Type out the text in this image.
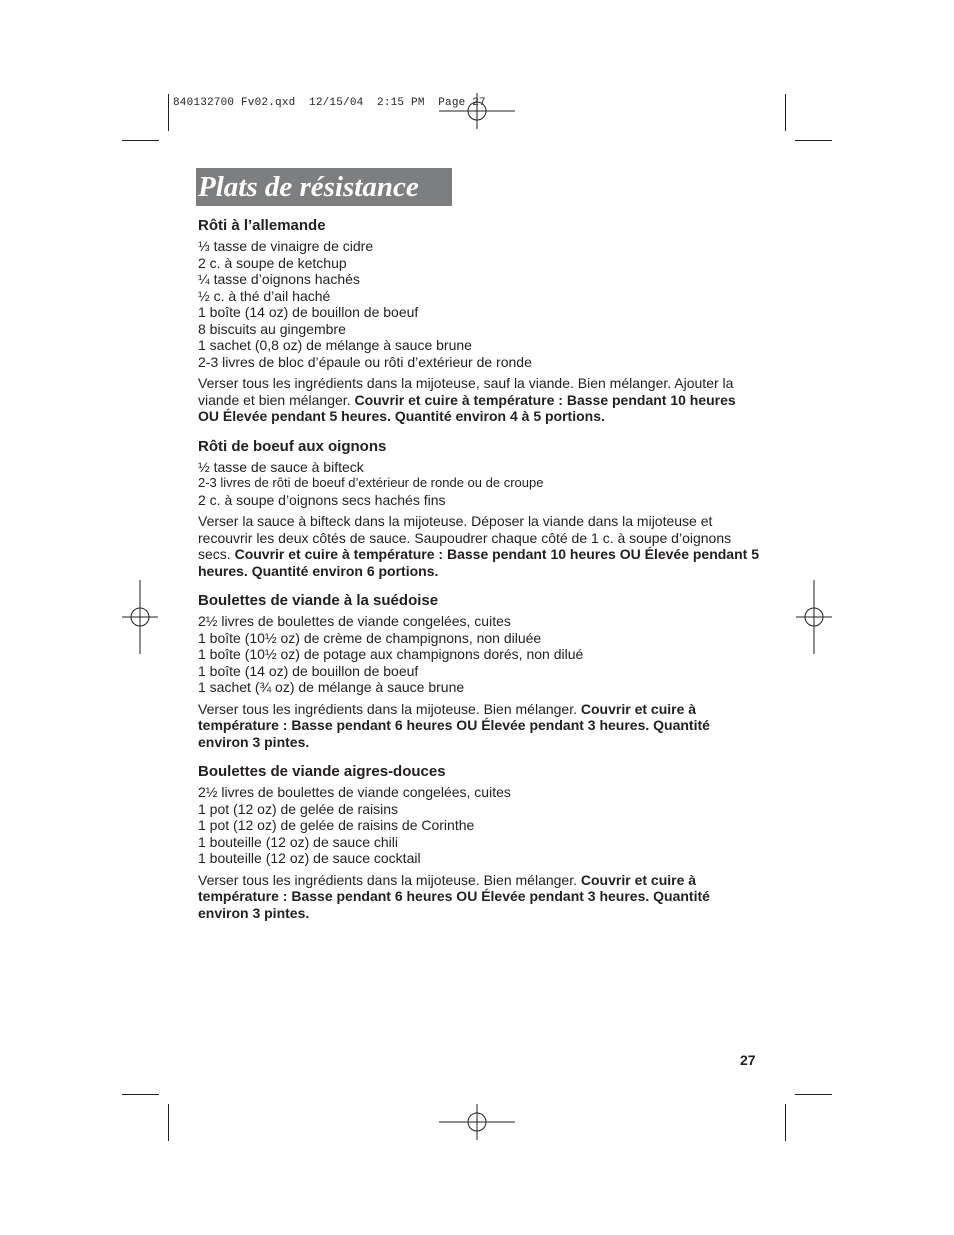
840132700 Fv02.qxd  12/15/04  2:15 PM  Page 27
Plats de résistance
Rôti à l’allemande
⅓ tasse de vinaigre de cidre
2 c. à soupe de ketchup
¼ tasse d’oignons hachés
½ c. à thé d’ail haché
1 boîte (14 oz) de bouillon de boeuf
8 biscuits au gingembre
1 sachet (0,8 oz) de mélange à sauce brune
2-3 livres de bloc d’épaule ou rôti d’extérieur de ronde
Verser tous les ingrédients dans la mijoteuse, sauf la viande. Bien mélanger. Ajouter la viande et bien mélanger. Couvrir et cuire à température : Basse pendant 10 heures OU Élevée pendant 5 heures. Quantité environ 4 à 5 portions.
Rôti de boeuf aux oignons
½ tasse de sauce à bifteck
2-3 livres de rôti de boeuf d’extérieur de ronde ou de croupe
2 c. à soupe d’oignons secs hachés fins
Verser la sauce à bifteck dans la mijoteuse. Déposer la viande dans la mijoteuse et recouvrir les deux côtés de sauce. Saupoudrer chaque côté de 1 c. à soupe d’oignons secs. Couvrir et cuire à température : Basse pendant 10 heures OU Élevée pendant 5 heures. Quantité environ 6 portions.
Boulettes de viande à la suédoise
2½ livres de boulettes de viande congelées, cuites
1 boîte (10½ oz) de crème de champignons, non diluée
1 boîte (10½ oz) de potage aux champignons dorés, non dilué
1 boîte (14 oz) de bouillon de boeuf
1 sachet (¾ oz) de mélange à sauce brune
Verser tous les ingrédients dans la mijoteuse. Bien mélanger. Couvrir et cuire à température : Basse pendant 6 heures OU Élevée pendant 3 heures. Quantité environ 3 pintes.
Boulettes de viande aigres-douces
2½ livres de boulettes de viande congelées, cuites
1 pot (12 oz) de gelée de raisins
1 pot (12 oz) de gelée de raisins de Corinthe
1 bouteille (12 oz) de sauce chili
1 bouteille (12 oz) de sauce cocktail
Verser tous les ingrédients dans la mijoteuse. Bien mélanger. Couvrir et cuire à température : Basse pendant 6 heures OU Élevée pendant 3 heures. Quantité environ 3 pintes.
27
